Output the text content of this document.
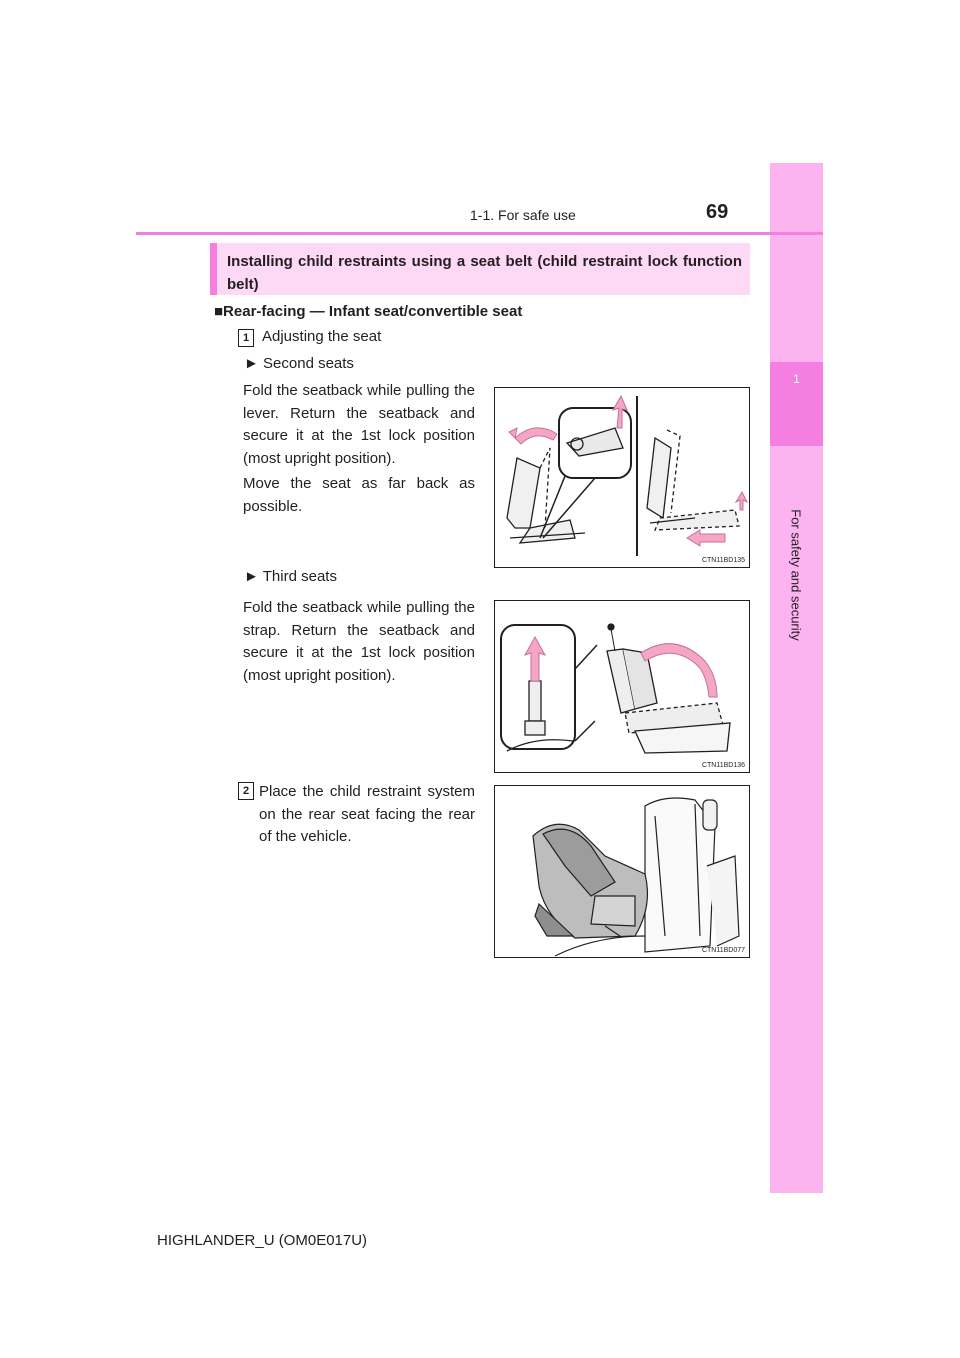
1
For safety and security
1-1. For safe use	69
Installing child restraints using a seat belt (child restraint lock function belt)
■Rear-facing — Infant seat/convertible seat
1 Adjusting the seat
► Second seats
Fold the seatback while pulling the lever. Return the seatback and secure it at the 1st lock position (most upright position).
Move the seat as far back as possible.
CTN11BD135
► Third seats
Fold the seatback while pulling the strap. Return the seatback and secure it at the 1st lock position (most upright position).
CTN11BD136
2 Place the child restraint system on the rear seat facing the rear of the vehicle.
CTN11BD077
HIGHLANDER_U (OM0E017U)
